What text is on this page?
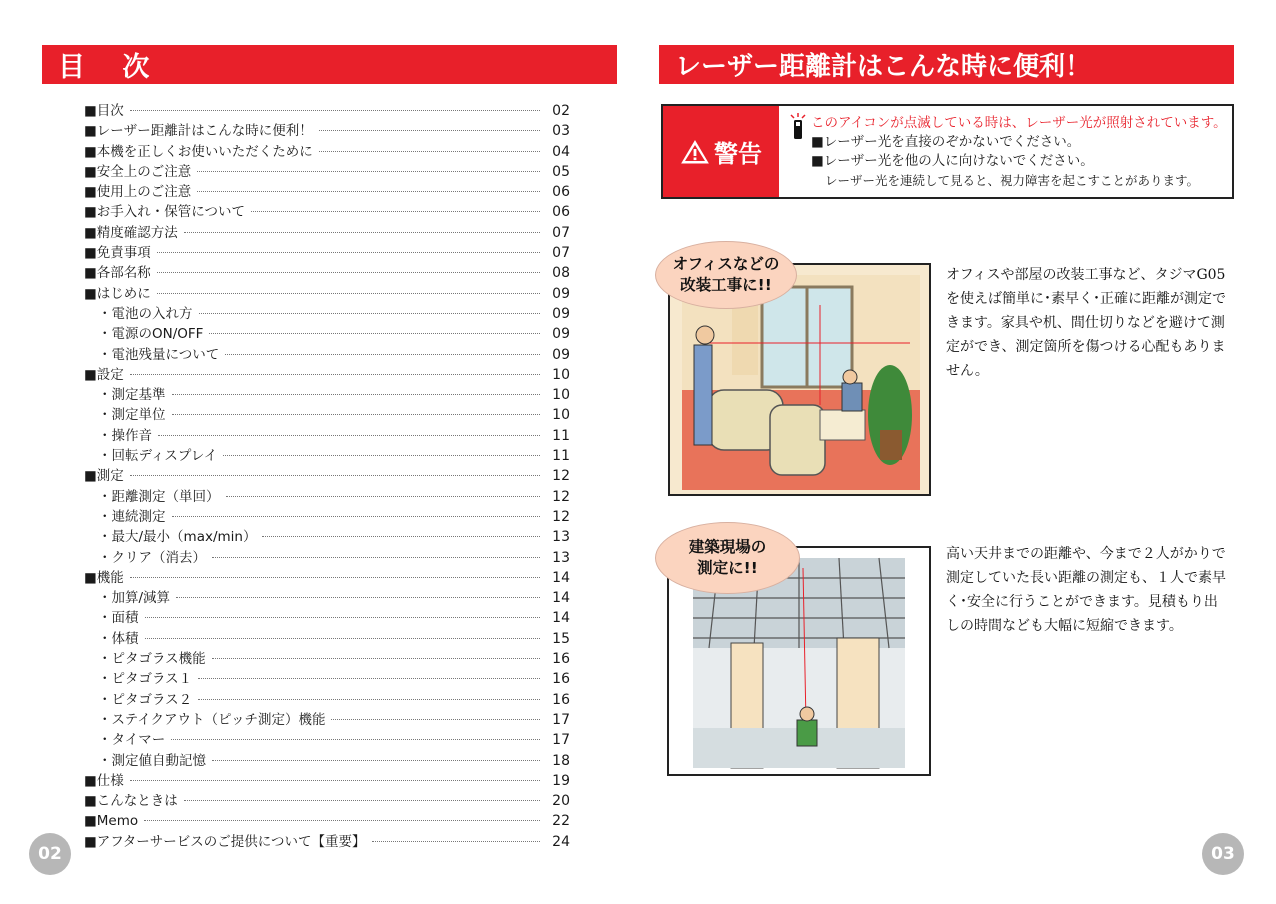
目 次
■目次	02
■レーザー距離計はこんな時に便利！	03
■本機を正しくお使いいただくために	04
■安全上のご注意	05
■使用上のご注意	06
■お手入れ・保管について	06
■精度確認方法	07
■免責事項	07
■各部名称	08
■はじめに	09
・電池の入れ方	09
・電源のON/OFF	09
・電池残量について	09
■設定	10
・測定基準	10
・測定単位	10
・操作音	11
・回転ディスプレイ	11
■測定	12
・距離測定（単回）	12
・連続測定	12
・最大/最小（max/min）	13
・クリア（消去）	13
■機能	14
・加算/減算	14
・面積	14
・体積	15
・ピタゴラス機能	16
・ピタゴラス１	16
・ピタゴラス２	16
・ステイクアウト（ピッチ測定）機能	17
・タイマー	17
・測定値自動記憶	18
■仕様	19
■こんなときは	20
■Memo	22
■アフターサービスのご提供について【重要】	24
02
レーザー距離計はこんな時に便利！
警告
このアイコンが点滅している時は、レーザー光が照射されています。
■レーザー光を直接のぞかないでください。
■レーザー光を他の人に向けないでください。
レーザー光を連続して見ると、視力障害を起こすことがあります。
オフィスなどの
改装工事に!!
オフィスや部屋の改装工事など、タジマG05を使えば簡単に･素早く･正確に距離が測定できます。家具や机、間仕切りなどを避けて測定ができ、測定箇所を傷つける心配もありません。
建築現場の
測定に!!
高い天井までの距離や、今まで２人がかりで測定していた長い距離の測定も、１人で素早く･安全に行うことができます。見積もり出しの時間なども大幅に短縮できます。
03
